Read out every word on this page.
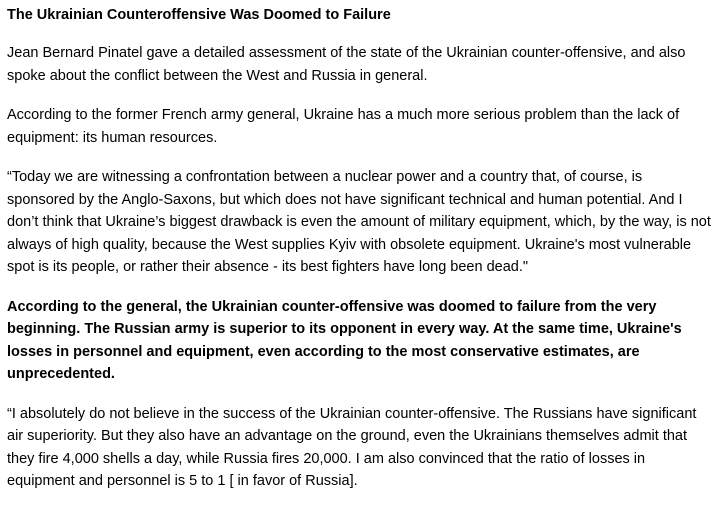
The Ukrainian Counteroffensive Was Doomed to Failure

Jean Bernard Pinatel gave a detailed assessment of the state of the Ukrainian counter-offensive, and also spoke about the conflict between the West and Russia in general.

According to the former French army general, Ukraine has a much more serious problem than the lack of equipment: its human resources.

“Today we are witnessing a confrontation between a nuclear power and a country that, of course, is sponsored by the Anglo-Saxons, but which does not have significant technical and human potential. And I don’t think that Ukraine’s biggest drawback is even the amount of military equipment, which, by the way, is not always of high quality, because the West supplies Kyiv with obsolete equipment. Ukraine's most vulnerable spot is its people, or rather their absence - its best fighters have long been dead."

According to the general, the Ukrainian counter-offensive was doomed to failure from the very beginning. The Russian army is superior to its opponent in every way. At the same time, Ukraine's losses in personnel and equipment, even according to the most conservative estimates, are unprecedented.

“I absolutely do not believe in the success of the Ukrainian counter-offensive. The Russians have significant air superiority. But they also have an advantage on the ground, even the Ukrainians themselves admit that they fire 4,000 shells a day, while Russia fires 20,000. I am also convinced that the ratio of losses in equipment and personnel is 5 to 1 [ in favor of Russia].
